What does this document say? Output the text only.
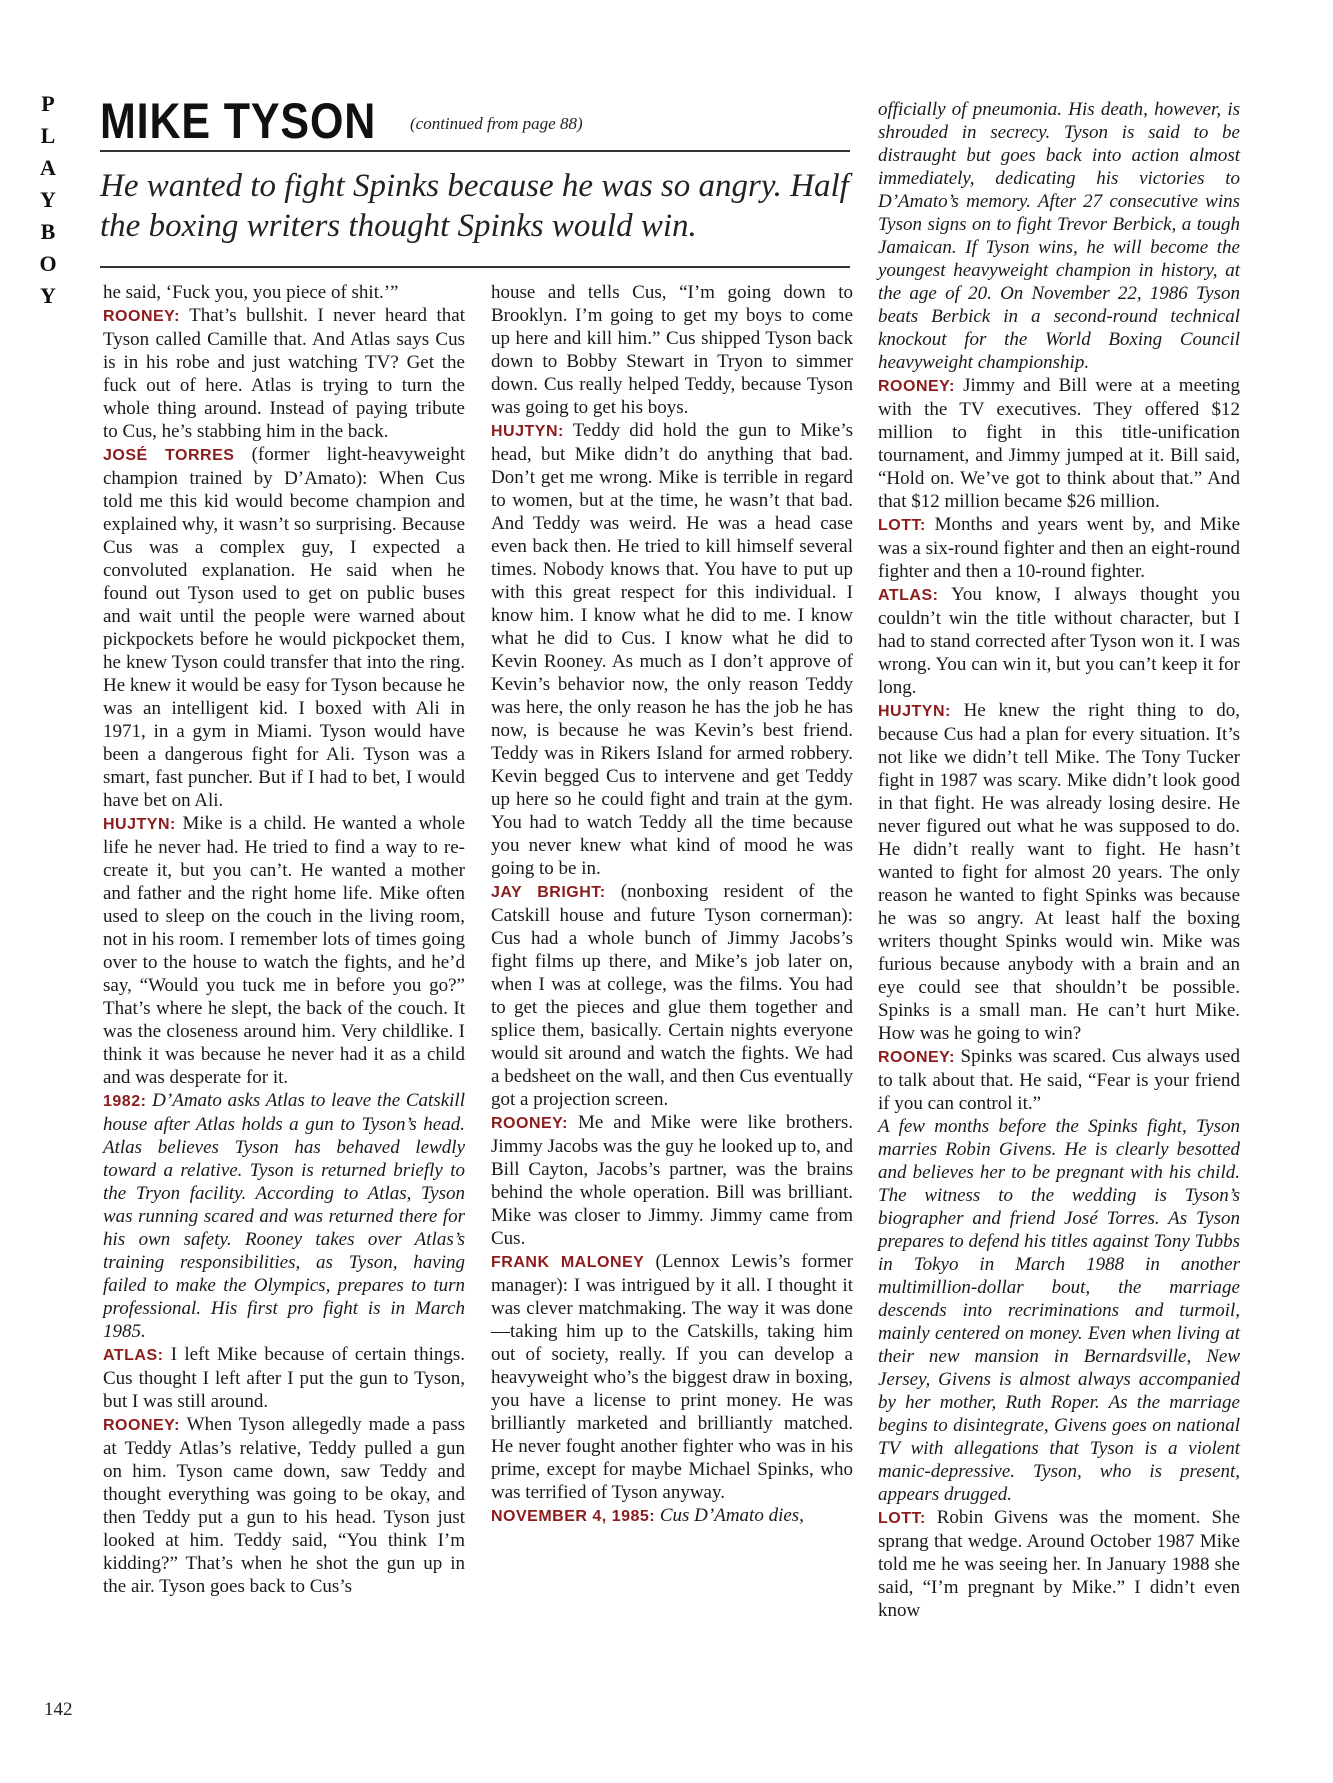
P
L
A
Y
B
O
Y
MIKE TYSON (continued from page 88)
He wanted to fight Spinks because he was so angry. Half the boxing writers thought Spinks would win.

he said, ‘Fuck you, you piece of shit.’”

ROONEY: That’s bullshit. I never heard that Tyson called Camille that. And Atlas says Cus is in his robe and just watching TV? Get the fuck out of here. Atlas is trying to turn the whole thing around. Instead of paying tribute to Cus, he’s stabbing him in the back.

JOSÉ TORRES (former light-heavyweight champion trained by D’Amato): When Cus told me this kid would become champion and explained why, it wasn’t so surprising. Because Cus was a complex guy, I expected a convoluted explanation. He said when he found out Tyson used to get on public buses and wait until the people were warned about pickpockets before he would pickpocket them, he knew Tyson could transfer that into the ring. He knew it would be easy for Tyson because he was an intelligent kid. I boxed with Ali in 1971, in a gym in Miami. Tyson would have been a dangerous fight for Ali. Tyson was a smart, fast puncher. But if I had to bet, I would have bet on Ali.

HUJTYN: Mike is a child. He wanted a whole life he never had. He tried to find a way to re-create it, but you can’t. He wanted a mother and father and the right home life. Mike often used to sleep on the couch in the living room, not in his room. I remember lots of times going over to the house to watch the fights, and he’d say, “Would you tuck me in before you go?” That’s where he slept, the back of the couch. It was the closeness around him. Very childlike. I think it was because he never had it as a child and was desperate for it.

1982: D’Amato asks Atlas to leave the Catskill house after Atlas holds a gun to Tyson’s head. Atlas believes Tyson has behaved lewdly toward a relative. Tyson is returned briefly to the Tryon facility. According to Atlas, Tyson was running scared and was returned there for his own safety. Rooney takes over Atlas’s training responsibilities, as Tyson, having failed to make the Olympics, prepares to turn professional. His first pro fight is in March 1985.

ATLAS: I left Mike because of certain things. Cus thought I left after I put the gun to Tyson, but I was still around.

ROONEY: When Tyson allegedly made a pass at Teddy Atlas’s relative, Teddy pulled a gun on him. Tyson came down, saw Teddy and thought everything was going to be okay, and then Teddy put a gun to his head. Tyson just looked at him. Teddy said, “You think I’m kidding?” That’s when he shot the gun up in the air. Tyson goes back to Cus’s

house and tells Cus, “I’m going down to Brooklyn. I’m going to get my boys to come up here and kill him.” Cus shipped Tyson back down to Bobby Stewart in Tryon to simmer down. Cus really helped Teddy, because Tyson was going to get his boys.

HUJTYN: Teddy did hold the gun to Mike’s head, but Mike didn’t do anything that bad. Don’t get me wrong. Mike is terrible in regard to women, but at the time, he wasn’t that bad. And Teddy was weird. He was a head case even back then. He tried to kill himself several times. Nobody knows that. You have to put up with this great respect for this individual. I know him. I know what he did to me. I know what he did to Cus. I know what he did to Kevin Rooney. As much as I don’t approve of Kevin’s behavior now, the only reason Teddy was here, the only reason he has the job he has now, is because he was Kevin’s best friend. Teddy was in Rikers Island for armed robbery. Kevin begged Cus to intervene and get Teddy up here so he could fight and train at the gym. You had to watch Teddy all the time because you never knew what kind of mood he was going to be in.

JAY BRIGHT: (nonboxing resident of the Catskill house and future Tyson cornerman): Cus had a whole bunch of Jimmy Jacobs’s fight films up there, and Mike’s job later on, when I was at college, was the films. You had to get the pieces and glue them together and splice them, basically. Certain nights everyone would sit around and watch the fights. We had a bedsheet on the wall, and then Cus eventually got a projection screen.

ROONEY: Me and Mike were like brothers. Jimmy Jacobs was the guy he looked up to, and Bill Cayton, Jacobs’s partner, was the brains behind the whole operation. Bill was brilliant. Mike was closer to Jimmy. Jimmy came from Cus.

FRANK MALONEY (Lennox Lewis’s former manager): I was intrigued by it all. I thought it was clever matchmaking. The way it was done—taking him up to the Catskills, taking him out of society, really. If you can develop a heavyweight who’s the biggest draw in boxing, you have a license to print money. He was brilliantly marketed and brilliantly matched. He never fought another fighter who was in his prime, except for maybe Michael Spinks, who was terrified of Tyson anyway.

NOVEMBER 4, 1985: Cus D’Amato dies,

officially of pneumonia. His death, however, is shrouded in secrecy. Tyson is said to be distraught but goes back into action almost immediately, dedicating his victories to D’Amato’s memory. After 27 consecutive wins Tyson signs on to fight Trevor Berbick, a tough Jamaican. If Tyson wins, he will become the youngest heavyweight champion in history, at the age of 20. On November 22, 1986 Tyson beats Berbick in a second-round technical knockout for the World Boxing Council heavyweight championship.

ROONEY: Jimmy and Bill were at a meeting with the TV executives. They offered $12 million to fight in this title-unification tournament, and Jimmy jumped at it. Bill said, “Hold on. We’ve got to think about that.” And that $12 million became $26 million.

LOTT: Months and years went by, and Mike was a six-round fighter and then an eight-round fighter and then a 10-round fighter.

ATLAS: You know, I always thought you couldn’t win the title without character, but I had to stand corrected after Tyson won it. I was wrong. You can win it, but you can’t keep it for long.

HUJTYN: He knew the right thing to do, because Cus had a plan for every situation. It’s not like we didn’t tell Mike. The Tony Tucker fight in 1987 was scary. Mike didn’t look good in that fight. He was already losing desire. He never figured out what he was supposed to do. He didn’t really want to fight. He hasn’t wanted to fight for almost 20 years. The only reason he wanted to fight Spinks was because he was so angry. At least half the boxing writers thought Spinks would win. Mike was furious because anybody with a brain and an eye could see that shouldn’t be possible. Spinks is a small man. He can’t hurt Mike. How was he going to win?

ROONEY: Spinks was scared. Cus always used to talk about that. He said, “Fear is your friend if you can control it.”

A few months before the Spinks fight, Tyson marries Robin Givens. He is clearly besotted and believes her to be pregnant with his child. The witness to the wedding is Tyson’s biographer and friend José Torres. As Tyson prepares to defend his titles against Tony Tubbs in Tokyo in March 1988 in another multimillion-dollar bout, the marriage descends into recriminations and turmoil, mainly centered on money. Even when living at their new mansion in Bernardsville, New Jersey, Givens is almost always accompanied by her mother, Ruth Roper. As the marriage begins to disintegrate, Givens goes on national TV with allegations that Tyson is a violent manic-depressive. Tyson, who is present, appears drugged.

LOTT: Robin Givens was the moment. She sprang that wedge. Around October 1987 Mike told me he was seeing her. In January 1988 she said, “I’m pregnant by Mike.” I didn’t even know

142
